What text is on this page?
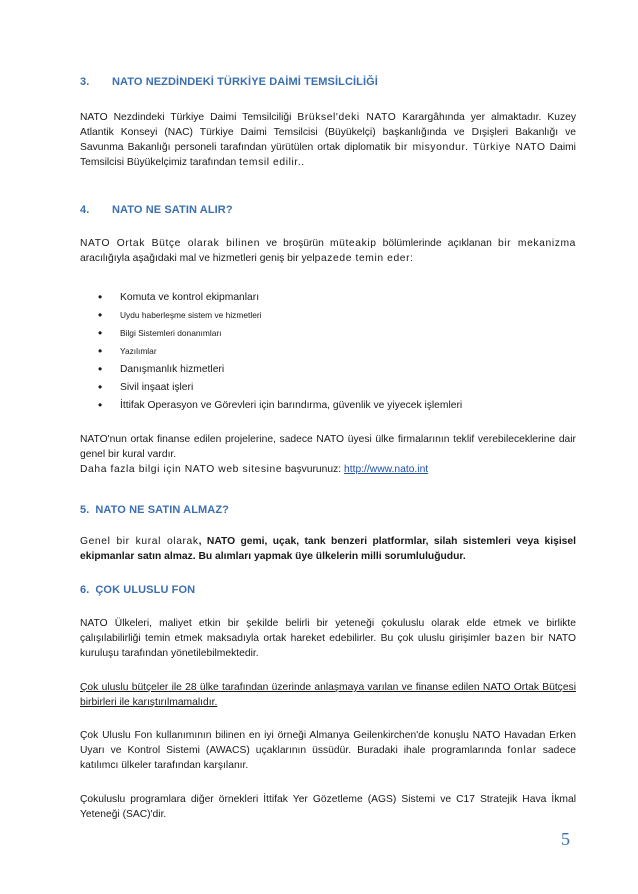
3. NATO NEZDİNDEKİ TÜRKİYE DAİMİ TEMSİLCİLİĞİ

NATO Nezdindeki Türkiye Daimi Temsilciliği Brüksel'deki NATO Karargâhında yer almaktadır. Kuzey Atlantik Konseyi (NAC) Türkiye Daimi Temsilcisi (Büyükelçi) başkanlığında ve Dışişleri Bakanlığı ve Savunma Bakanlığı personeli tarafından yürütülen ortak diplomatik bir misyondur. Türkiye NATO Daimi Temsilcisi Büyükelçimiz tarafından temsil edilir..

4. NATO NE SATIN ALIR?

NATO Ortak Bütçe olarak bilinen ve broşürün müteakip bölümlerinde açıklanan bir mekanizma aracılığıyla aşağıdaki mal ve hizmetleri geniş bir yelpazede temin eder:

• Komuta ve kontrol ekipmanları
• Uydu haberleşme sistem ve hizmetleri
• Bilgi Sistemleri donanımları
• Yazılımlar
• Danışmanlık hizmetleri
• Sivil inşaat işleri
• İttifak Operasyon ve Görevleri için barındırma, güvenlik ve yiyecek işlemleri

NATO'nun ortak finanse edilen projelerine, sadece NATO üyesi ülke firmalarının teklif verebileceklerine dair genel bir kural vardır.

Daha fazla bilgi için NATO web sitesine başvurunuz: http://www.nato.int

5. NATO NE SATIN ALMAZ?

Genel bir kural olarak, NATO gemi, uçak, tank benzeri platformlar, silah sistemleri veya kişisel ekipmanlar satın almaz. Bu alımları yapmak üye ülkelerin milli sorumluluğudur.

6. ÇOK ULUSLU FON

NATO Ülkeleri, maliyet etkin bir şekilde belirli bir yeteneği çokuluslu olarak elde etmek ve birlikte çalışılabilirliği temin etmek maksadıyla ortak hareket edebilirler. Bu çok uluslu girişimler bazen bir NATO kuruluşu tarafından yönetilebilmektedir.

Çok uluslu bütçeler ile 28 ülke tarafından üzerinde anlaşmaya varılan ve finanse edilen NATO Ortak Bütçesi birbirleri ile karıştırılmamalıdır.

Çok Uluslu Fon kullanımının bilinen en iyi örneği Almanya Geilenkirchen'de konuşlu NATO Havadan Erken Uyarı ve Kontrol Sistemi (AWACS) uçaklarının üssüdür. Buradaki ihale programlarında fonlar sadece katılımcı ülkeler tarafından karşılanır.

Çokuluslu programlara diğer örnekleri İttifak Yer Gözetleme (AGS) Sistemi ve C17 Stratejik Hava İkmal Yeteneği (SAC)'dir.

5
